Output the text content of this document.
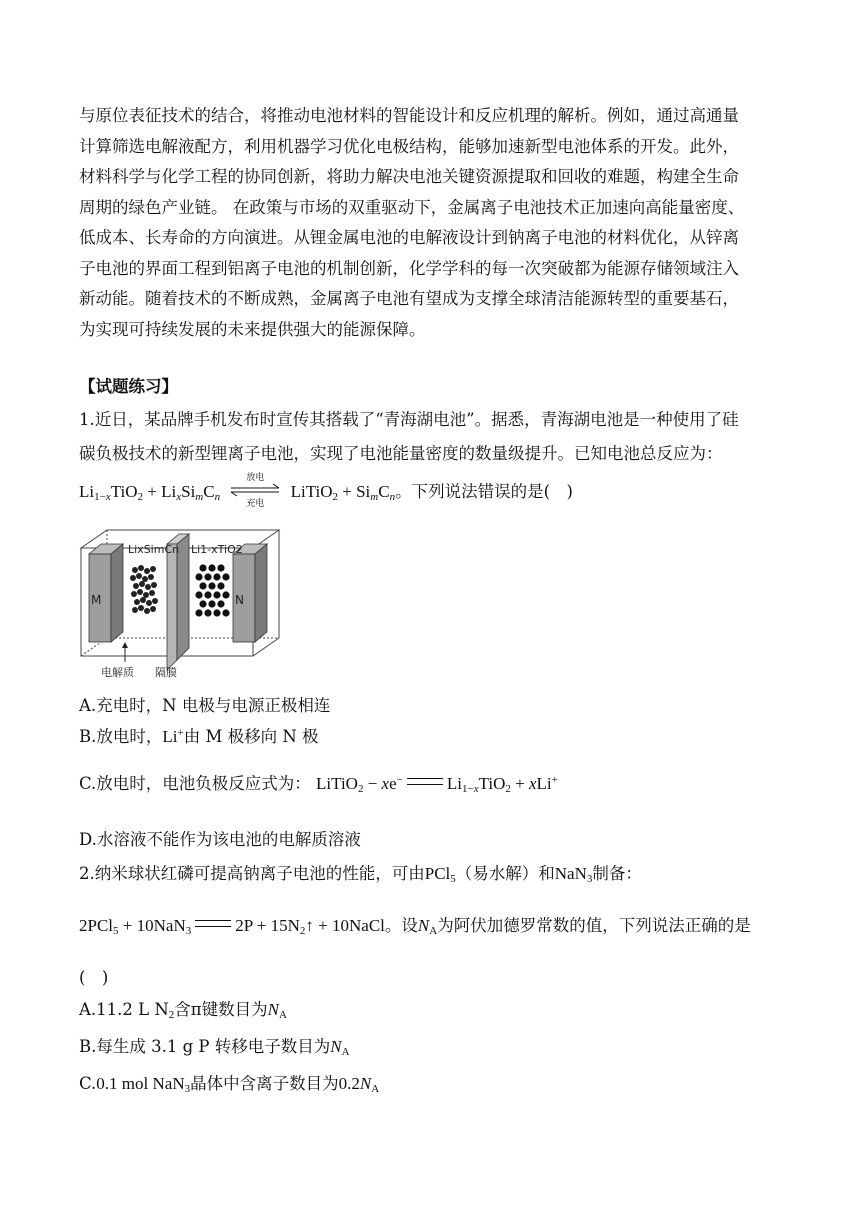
与原位表征技术的结合，将推动电池材料的智能设计和反应机理的解析。例如，通过高通量
计算筛选电解液配方，利用机器学习优化电极结构，能够加速新型电池体系的开发。此外，
材料科学与化学工程的协同创新，将助力解决电池关键资源提取和回收的难题，构建全生命
周期的绿色产业链。 在政策与市场的双重驱动下，金属离子电池技术正加速向高能量密度、
低成本、长寿命的方向演进。从锂金属电池的电解液设计到钠离子电池的材料优化，从锌离
子电池的界面工程到铝离子电池的机制创新，化学学科的每一次突破都为能源存储领域注入
新动能。随着技术的不断成熟，金属离子电池有望成为支撑全球清洁能源转型的重要基石，
为实现可持续发展的未来提供强大的能源保障。
【试题练习】
1.近日，某品牌手机发布时宣传其搭载了“青海湖电池”。据悉，青海湖电池是一种使用了硅
碳负极技术的新型锂离子电池，实现了电池能量密度的数量级提升。已知电池总反应为：
$Li_{1-x}TiO_2 + Li_xSi_mC_n$
放电
充电
LiTiO$_2$ + $Si_mC_n$。下列说法错误的是(　)
LixSimCn Li1-xTiO2
M	N
电解质 隔膜
A.充电时，N 电极与电源正极相连
B.放电时，Li+由 M 极移向 N 极
C.放电时，电池负极反应式为： LiTiO$_2$ − xe−	$Li_{1-x}TiO_2 + xLi^+$
D.水溶液不能作为该电池的电解质溶液
2.纳米球状红磷可提高钠离子电池的性能，可由PCl$_5$（易水解）和NaN$_3$制备：
2PCl$_5$ + 10NaN$_3$	$2P + 15N_2↑$ + 10NaCl。设$N_A$为阿伏加德罗常数的值，下列说法正确的是
(　)
A.11.2 L $N_2$含π键数目为$N_A$
B.每生成 3.1 g P 转移电子数目为$N_A$
C.0.1 mol NaN$_3$晶体中含离子数目为$0.2N_A$
